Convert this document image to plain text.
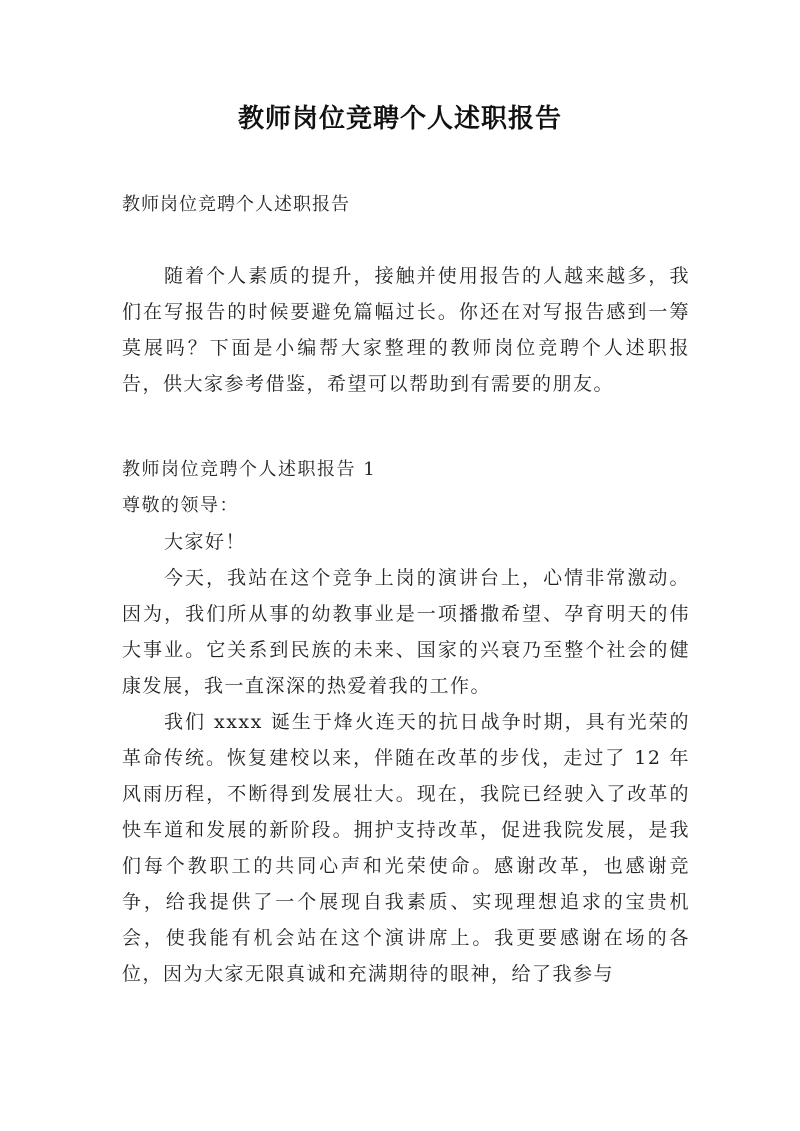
教师岗位竞聘个人述职报告
教师岗位竞聘个人述职报告

随着个人素质的提升，接触并使用报告的人越来越多，我们在写报告的时候要避免篇幅过长。你还在对写报告感到一筹莫展吗？下面是小编帮大家整理的教师岗位竞聘个人述职报告，供大家参考借鉴，希望可以帮助到有需要的朋友。

教师岗位竞聘个人述职报告 1

尊敬的领导：

大家好！

今天，我站在这个竞争上岗的演讲台上，心情非常激动。因为，我们所从事的幼教事业是一项播撒希望、孕育明天的伟大事业。它关系到民族的未来、国家的兴衰乃至整个社会的健康发展，我一直深深的热爱着我的工作。

我们 xxxx 诞生于烽火连天的抗日战争时期，具有光荣的革命传统。恢复建校以来，伴随在改革的步伐，走过了 12 年风雨历程，不断得到发展壮大。现在，我院已经驶入了改革的快车道和发展的新阶段。拥护支持改革，促进我院发展，是我们每个教职工的共同心声和光荣使命。感谢改革，也感谢竞争，给我提供了一个展现自我素质、实现理想追求的宝贵机会，使我能有机会站在这个演讲席上。我更要感谢在场的各位，因为大家无限真诚和充满期待的眼神，给了我参与
